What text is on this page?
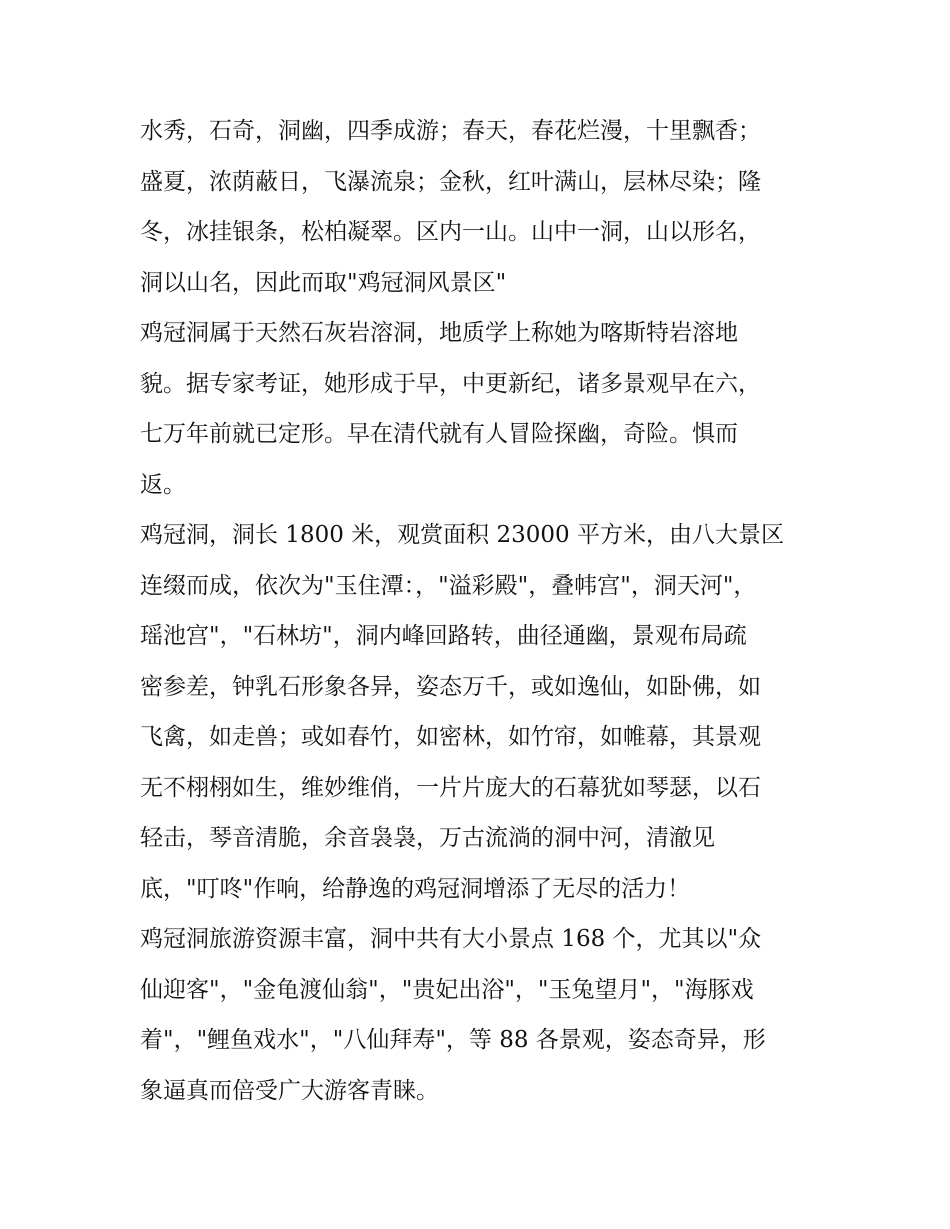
水秀，石奇，洞幽，四季成游；春天，春花烂漫，十里飘香；
盛夏，浓荫蔽日，飞瀑流泉；金秋，红叶满山，层林尽染；隆
冬，冰挂银条，松柏凝翠。区内一山。山中一洞，山以形名，
洞以山名，因此而取"鸡冠洞风景区"
鸡冠洞属于天然石灰岩溶洞，地质学上称她为喀斯特岩溶地
貌。据专家考证，她形成于早，中更新纪，诸多景观早在六，
七万年前就已定形。早在清代就有人冒险探幽，奇险。惧而
返。
鸡冠洞，洞长 1800 米，观赏面积 23000 平方米，由八大景区
连缀而成，依次为"玉住潭：，"溢彩殿"，叠帏宫"，洞天河"，
瑶池宫"，"石林坊"，洞内峰回路转，曲径通幽，景观布局疏
密参差，钟乳石形象各异，姿态万千，或如逸仙，如卧佛，如
飞禽，如走兽；或如春竹，如密林，如竹帘，如帷幕，其景观
无不栩栩如生，维妙维俏，一片片庞大的石幕犹如琴瑟，以石
轻击，琴音清脆，余音袅袅，万古流淌的洞中河，清澈见
底，"叮咚"作响，给静逸的鸡冠洞增添了无尽的活力！
鸡冠洞旅游资源丰富，洞中共有大小景点 168 个，尤其以"众
仙迎客"，"金龟渡仙翁"，"贵妃出浴"，"玉兔望月"，"海豚戏
着"，"鲤鱼戏水"，"八仙拜寿"，等 88 各景观，姿态奇异，形
象逼真而倍受广大游客青睐。
